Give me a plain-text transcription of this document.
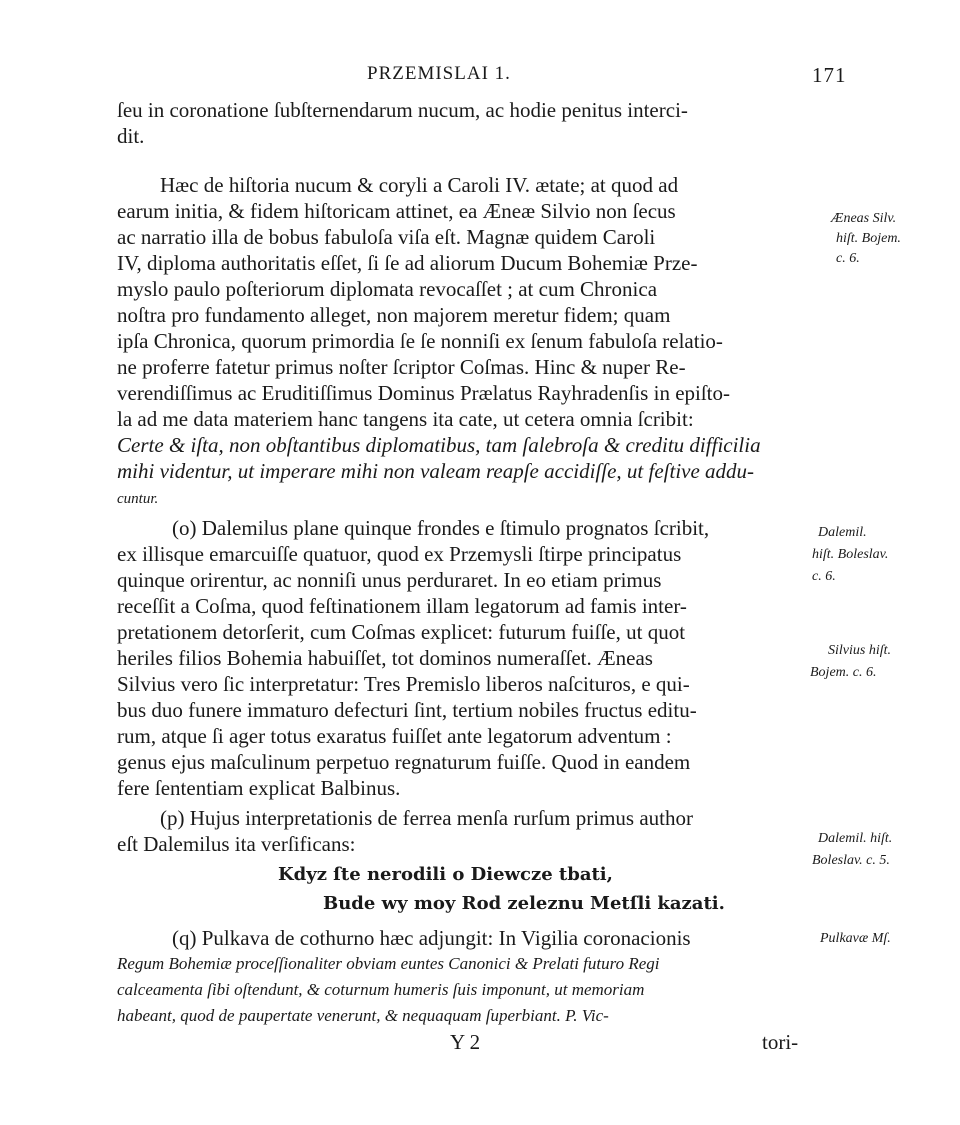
PRZEMISLAI 1.	171
ſeu in coronatione ſubſternendarum nucum, ac hodie penitus interci-
dit.
Hæc de hiſtoria nucum & coryli a Caroli IV. ætate; at quod ad
earum initia, & fidem hiſtoricam attinet, ea Æneæ Silvio non ſecus
ac narratio illa de bobus fabuloſa viſa eſt. Magnæ quidem Caroli
IV, diploma authoritatis eſſet, ſi ſe ad aliorum Ducum Bohemiæ Prze-
myslo paulo poſteriorum diplomata revocaſſet ; at cum Chronica
noſtra pro fundamento alleget, non majorem meretur fidem; quam
ipſa Chronica, quorum primordia ſe ſe nonniſi ex ſenum fabuloſa relatio-
ne proferre fatetur primus noſter ſcriptor Coſmas. Hinc & nuper Re-
verendiſſimus ac Eruditiſſimus Dominus Prælatus Rayhradenſis in epiſto-
la ad me data materiem hanc tangens ita cate, ut cetera omnia ſcribit:
Certe & iſta, non obſtantibus diplomatibus, tam ſalebroſa & creditu difficilia
mihi videntur, ut imperare mihi non valeam reapſe accidiſſe, ut feſtive addu-
cuntur.
(o) Dalemilus plane quinque frondes e ſtimulo prognatos ſcribit,
ex illisque emarcuiſſe quatuor, quod ex Przemysli ſtirpe principatus
quinque orirentur, ac nonniſi unus perduraret. In eo etiam primus
receſſit a Coſma, quod feſtinationem illam legatorum ad famis inter-
pretationem detorſerit, cum Coſmas explicet: futurum fuiſſe, ut quot
heriles filios Bohemia habuiſſet, tot dominos numeraſſet. Æneas
Silvius vero ſic interpretatur: Tres Premislo liberos naſcituros, e qui-
bus duo funere immaturo defecturi ſint, tertium nobiles fructus editu-
rum, atque ſi ager totus exaratus fuiſſet ante legatorum adventum :
genus ejus maſculinum perpetuo regnaturum fuiſſe. Quod in eandem
fere ſententiam explicat Balbinus.
(p) Hujus interpretationis de ferrea menſa rurſum primus author
eſt Dalemilus ita verſificans:
Kdyz ſte nerodili o Diewcze tbati,
Bude wy moy Rod zeleznu Metſli kazati.
(q) Pulkava de cothurno hæc adjungit: In Vigilia coronacionis
Regum Bohemiæ proceſſionaliter obviam euntes Canonici & Prelati futuro Regi
calceamenta ſibi oſtendunt, & coturnum humeris ſuis imponunt, ut memoriam
habeant, quod de paupertate venerunt, & nequaquam ſuperbiant. P. Vic-
Y 2	tori-
Æneas Silv.
hiſt. Bojem.
c. 6.
Dalemil.
hiſt. Boleslav.
c. 6.
Silvius hiſt.
Bojem. c. 6.
Dalemil. hiſt.
Boleslav. c. 5.
Pulkavæ Mſ.
